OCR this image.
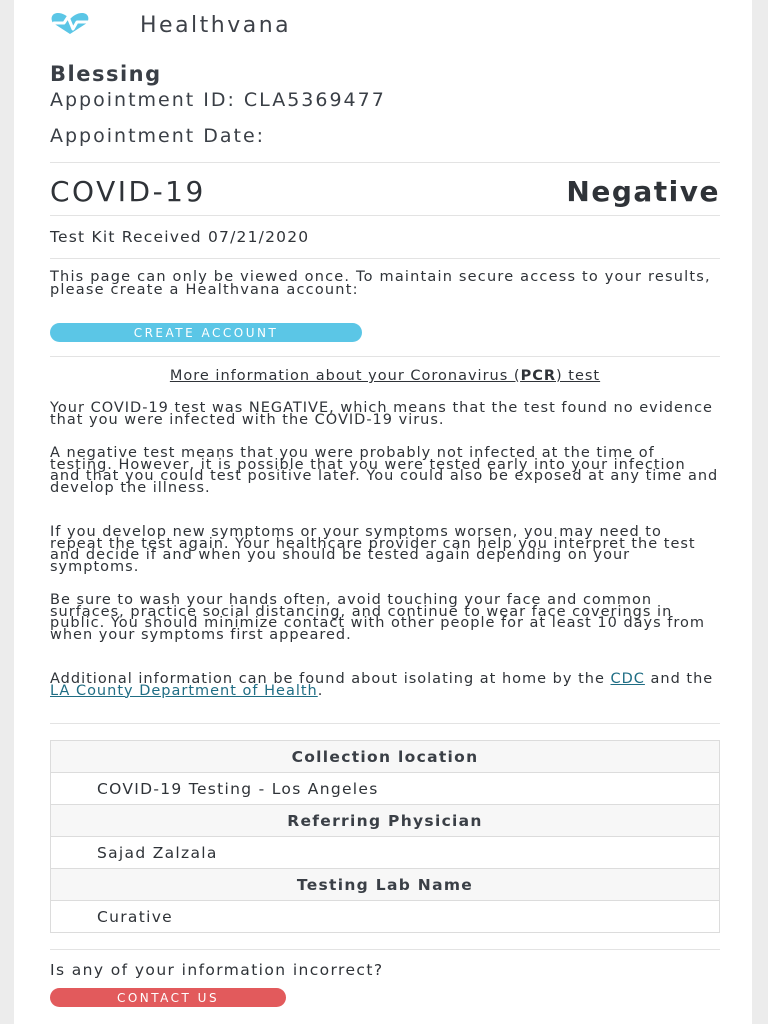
Healthvana
Blessing
Appointment ID: CLA5369477
Appointment Date:
COVID-19	Negative
Test Kit Received 07/21/2020
This page can only be viewed once. To maintain secure access to your results, please create a Healthvana account:
CREATE ACCOUNT
More information about your Coronavirus (PCR) test

Your COVID-19 test was NEGATIVE, which means that the test found no evidence that you were infected with the COVID-19 virus.

A negative test means that you were probably not infected at the time of testing. However, it is possible that you were tested early into your infection and that you could test positive later. You could also be exposed at any time and develop the illness.

If you develop new symptoms or your symptoms worsen, you may need to repeat the test again. Your healthcare provider can help you interpret the test and decide if and when you should be tested again depending on your symptoms.

Be sure to wash your hands often, avoid touching your face and common surfaces, practice social distancing, and continue to wear face coverings in public. You should minimize contact with other people for at least 10 days from when your symptoms first appeared.

Additional information can be found about isolating at home by the CDC and the LA County Department of Health.

Collection location
COVID-19 Testing - Los Angeles
Referring Physician
Sajad Zalzala
Testing Lab Name
Curative
Is any of your information incorrect?
CONTACT US
